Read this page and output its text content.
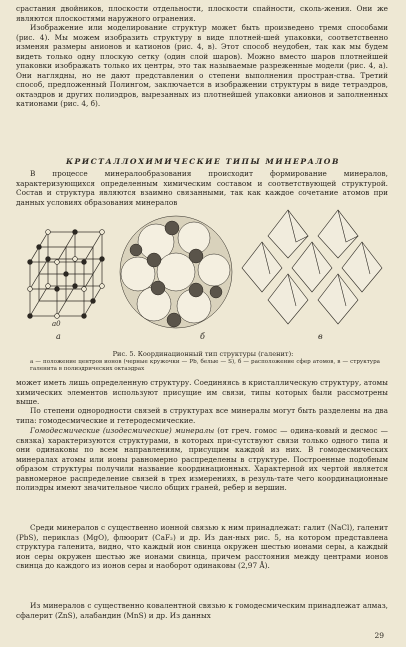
срастания двойников, плоскости отдельности, плоскости спайности, сколь-жения. Они же являются плоскостями наружного огранения.

Изображение или моделирование структур может быть произведено тремя способами (рис. 4). Мы можем изобразить структуру в виде плотней-шей упаковки, соответственно изменяя размеры анионов и катионов (рис. 4, в). Этот способ неудобен, так как мы будем видеть только одну плоскую сетку (один слой шаров). Можно вместо шаров плотнейшей упаковки изображать только их центры, это так называемые разреженные модели (рис. 4, а). Они наглядны, но не дают представления о степени выполнения простран-ства. Третий способ, предложенный Полингом, заключается в изображении структуры в виде тетраэдров, октаэдров и других полиэдров, вырезанных из плотнейшей упаковки анионов и заполненных катионами (рис. 4, б).

КРИСТАЛЛОХИМИЧЕСКИЕ ТИПЫ МИНЕРАЛОВ

В процессе минералообразования происходит формирование минералов, характеризующихся определенным химическим составом и соответствующей структурой. Состав и структура являются взаимно связанными, так как каждое сочетание атомов при данных условиях образования минералов

a0
а	б	в
Рис. 5. Координационный тип структуры (галенит):
а — положение центров ионов (черные кружочки — Pb, белые — S), б — расположение сфер атомов, в — структура галенита в полиэдрических октаэдрах

может иметь лишь определенную структуру. Соединяясь в кристаллическую структуру, атомы химических элементов используют присущие им связи, типы которых были рассмотрены выше.

По степени однородности связей в структурах все минералы могут быть разделены на два типа: гомодесмические и гетеродесмические.

Гомодесмические (изодесмические) минералы (от греч. гомос — одина-ковый и десмос — связка) характеризуются структурами, в которых при-сутствуют связи только одного типа и они одинаковы по всем направлениям, присущим каждой из них. В гомодесмических минералах атомы или ионы равномерно распределены в структуре. Построенные подобным образом структуры получили название координационных. Характерной их чертой является равномерное распределение связей в трех измерениях, в резуль-тате чего координационные полиэдры имеют значительное число общих граней, ребер и вершин.

Среди минералов с существенно ионной связью к ним принадлежат: галит (NaCl), галенит (PbS), периклаз (MgO), флюорит (CaF₂) и др. Из дан-ных рис. 5, на котором представлена структура галенита, видно, что каждый ион свинца окружен шестью ионами серы, а каждый ион серы окружен шестью же ионами свинца, причем расстояния между центрами ионов свинца до каждого из ионов серы и наоборот одинаковы (2,97 Å).

Из минералов с существенно ковалентной связью к гомодесмическим принадлежат алмаз, сфалерит (ZnS), алабандин (MnS) и др. Из данных

29
